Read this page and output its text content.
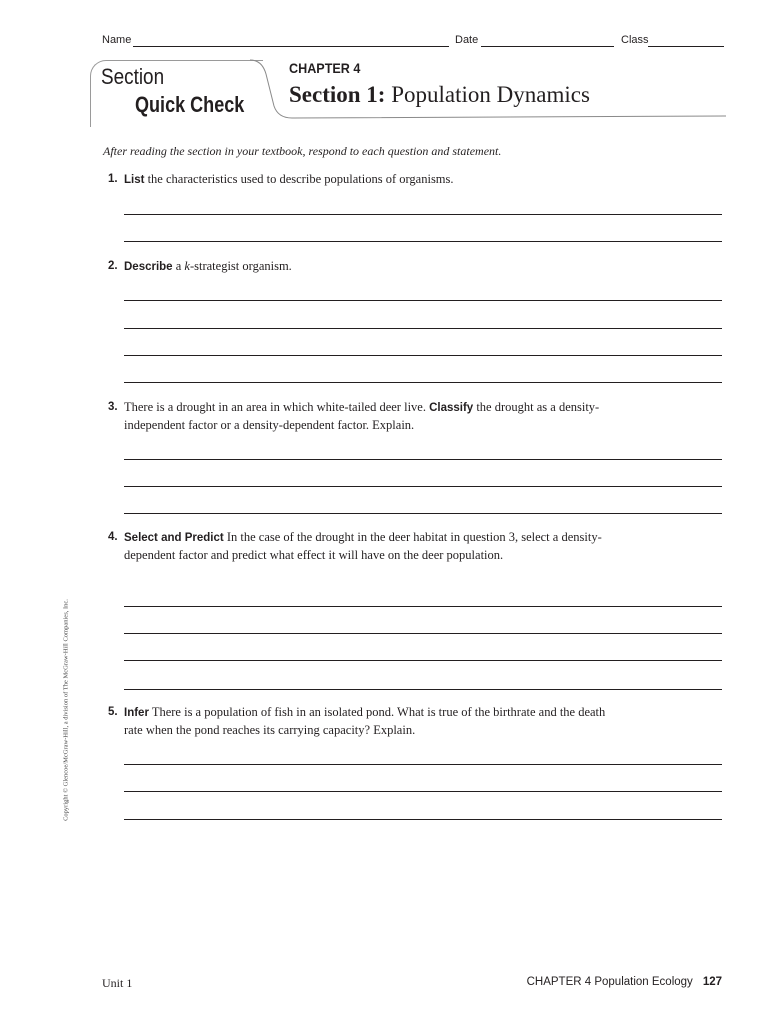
Name	Date	Class
Section
Quick Check
CHAPTER 4
Section 1: Population Dynamics
After reading the section in your textbook, respond to each question and statement.
1. List the characteristics used to describe populations of organisms.
2. Describe a k-strategist organism.
3. There is a drought in an area in which white-tailed deer live. Classify the drought as a density-independent factor or a density-dependent factor. Explain.
4. Select and Predict In the case of the drought in the deer habitat in question 3, select a density-dependent factor and predict what effect it will have on the deer population.
5. Infer There is a population of fish in an isolated pond. What is true of the birthrate and the death rate when the pond reaches its carrying capacity? Explain.
Copyright © Glencoe/McGraw-Hill, a division of The McGraw-Hill Companies, Inc.
Unit 1	CHAPTER 4 Population Ecology 127
